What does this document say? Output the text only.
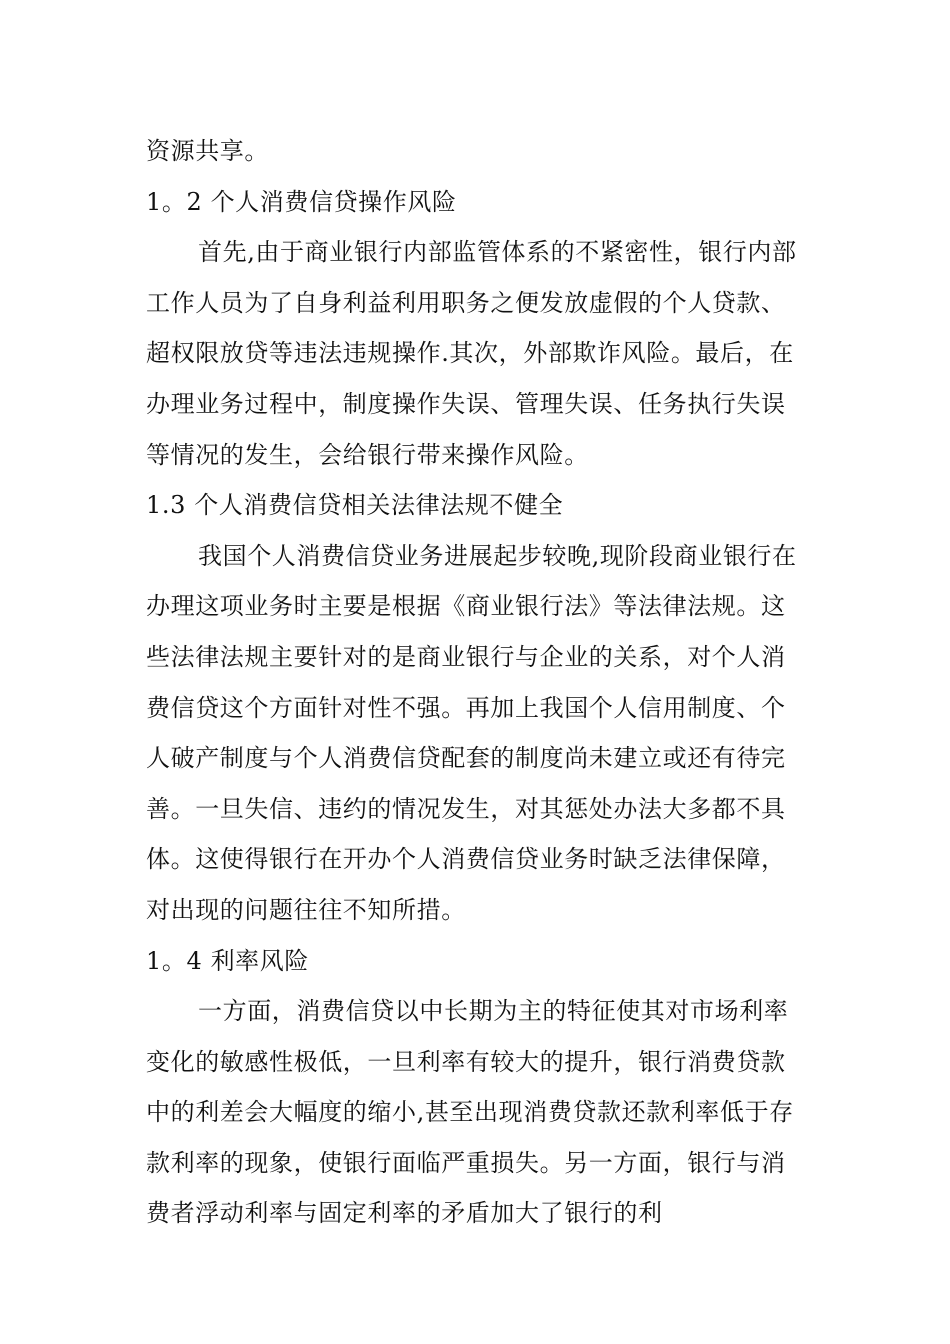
资源共享。

1。2 个人消费信贷操作风险

首先,由于商业银行内部监管体系的不紧密性，银行内部工作人员为了自身利益利用职务之便发放虚假的个人贷款、超权限放贷等违法违规操作.其次，外部欺诈风险。最后，在办理业务过程中，制度操作失误、管理失误、任务执行失误等情况的发生，会给银行带来操作风险。

1.3 个人消费信贷相关法律法规不健全

我国个人消费信贷业务进展起步较晚,现阶段商业银行在办理这项业务时主要是根据《商业银行法》等法律法规。这些法律法规主要针对的是商业银行与企业的关系，对个人消费信贷这个方面针对性不强。再加上我国个人信用制度、个人破产制度与个人消费信贷配套的制度尚未建立或还有待完善。一旦失信、违约的情况发生，对其惩处办法大多都不具体。这使得银行在开办个人消费信贷业务时缺乏法律保障，对出现的问题往往不知所措。

1。4 利率风险

一方面，消费信贷以中长期为主的特征使其对市场利率变化的敏感性极低，一旦利率有较大的提升，银行消费贷款中的利差会大幅度的缩小,甚至出现消费贷款还款利率低于存款利率的现象，使银行面临严重损失。另一方面，银行与消费者浮动利率与固定利率的矛盾加大了银行的利
